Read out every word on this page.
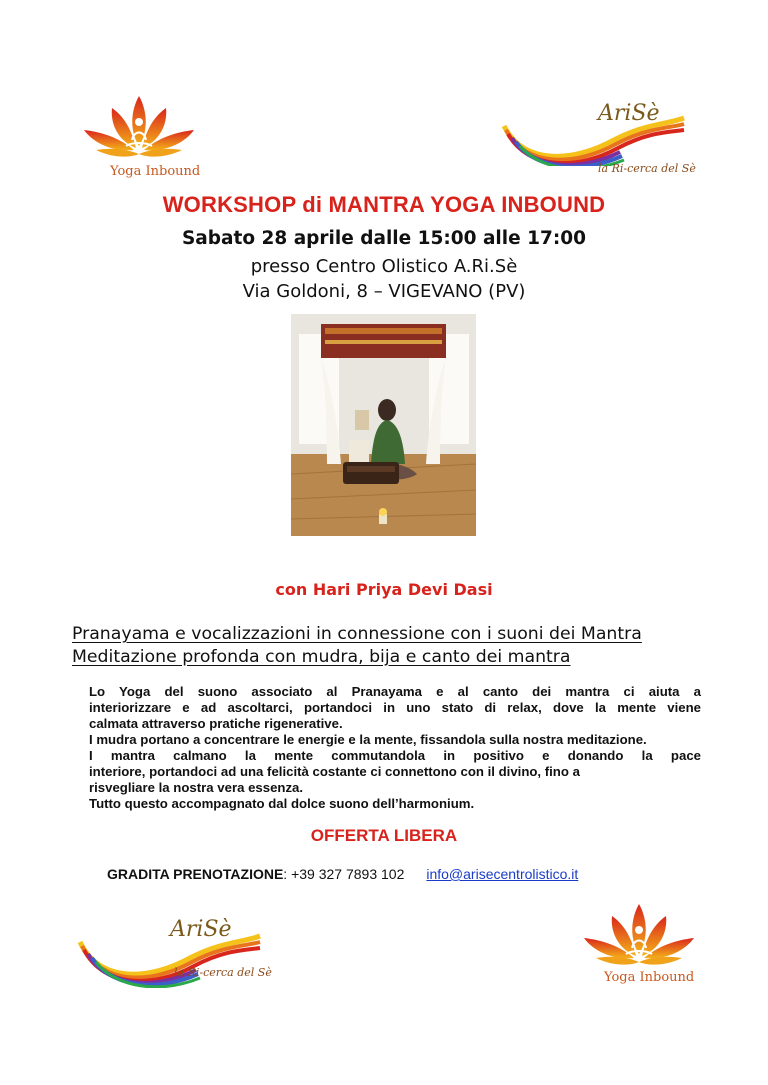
Yoga Inbound
AriSè
la Ri-cerca del Sè
WORKSHOP di MANTRA YOGA INBOUND
Sabato 28 aprile dalle 15:00 alle 17:00
presso Centro Olistico A.Ri.Sè
Via Goldoni, 8 – VIGEVANO (PV)
con Hari Priya Devi Dasi
Pranayama e vocalizzazioni in connessione con i suoni dei Mantra
Meditazione profonda con mudra, bija e canto dei mantra

Lo Yoga del suono associato al Pranayama e al canto dei mantra ci aiuta a

interiorizzare e ad ascoltarci, portandoci in uno stato di relax, dove la mente viene

calmata attraverso pratiche rigenerative.

I mudra portano a concentrare le energie e la mente, fissandola sulla nostra meditazione.

I mantra calmano la mente commutandola in positivo e donando la pace

interiore, portandoci ad una felicità costante ci connettono con il divino, fino a

risvegliare la nostra vera essenza.

Tutto questo accompagnato dal dolce suono dell’harmonium.

OFFERTA LIBERA
GRADITA PRENOTAZIONE: +39 327 7893 102 info@arisecentrolistico.it
AriSè
la Ri-cerca del Sè	Yoga Inbound
